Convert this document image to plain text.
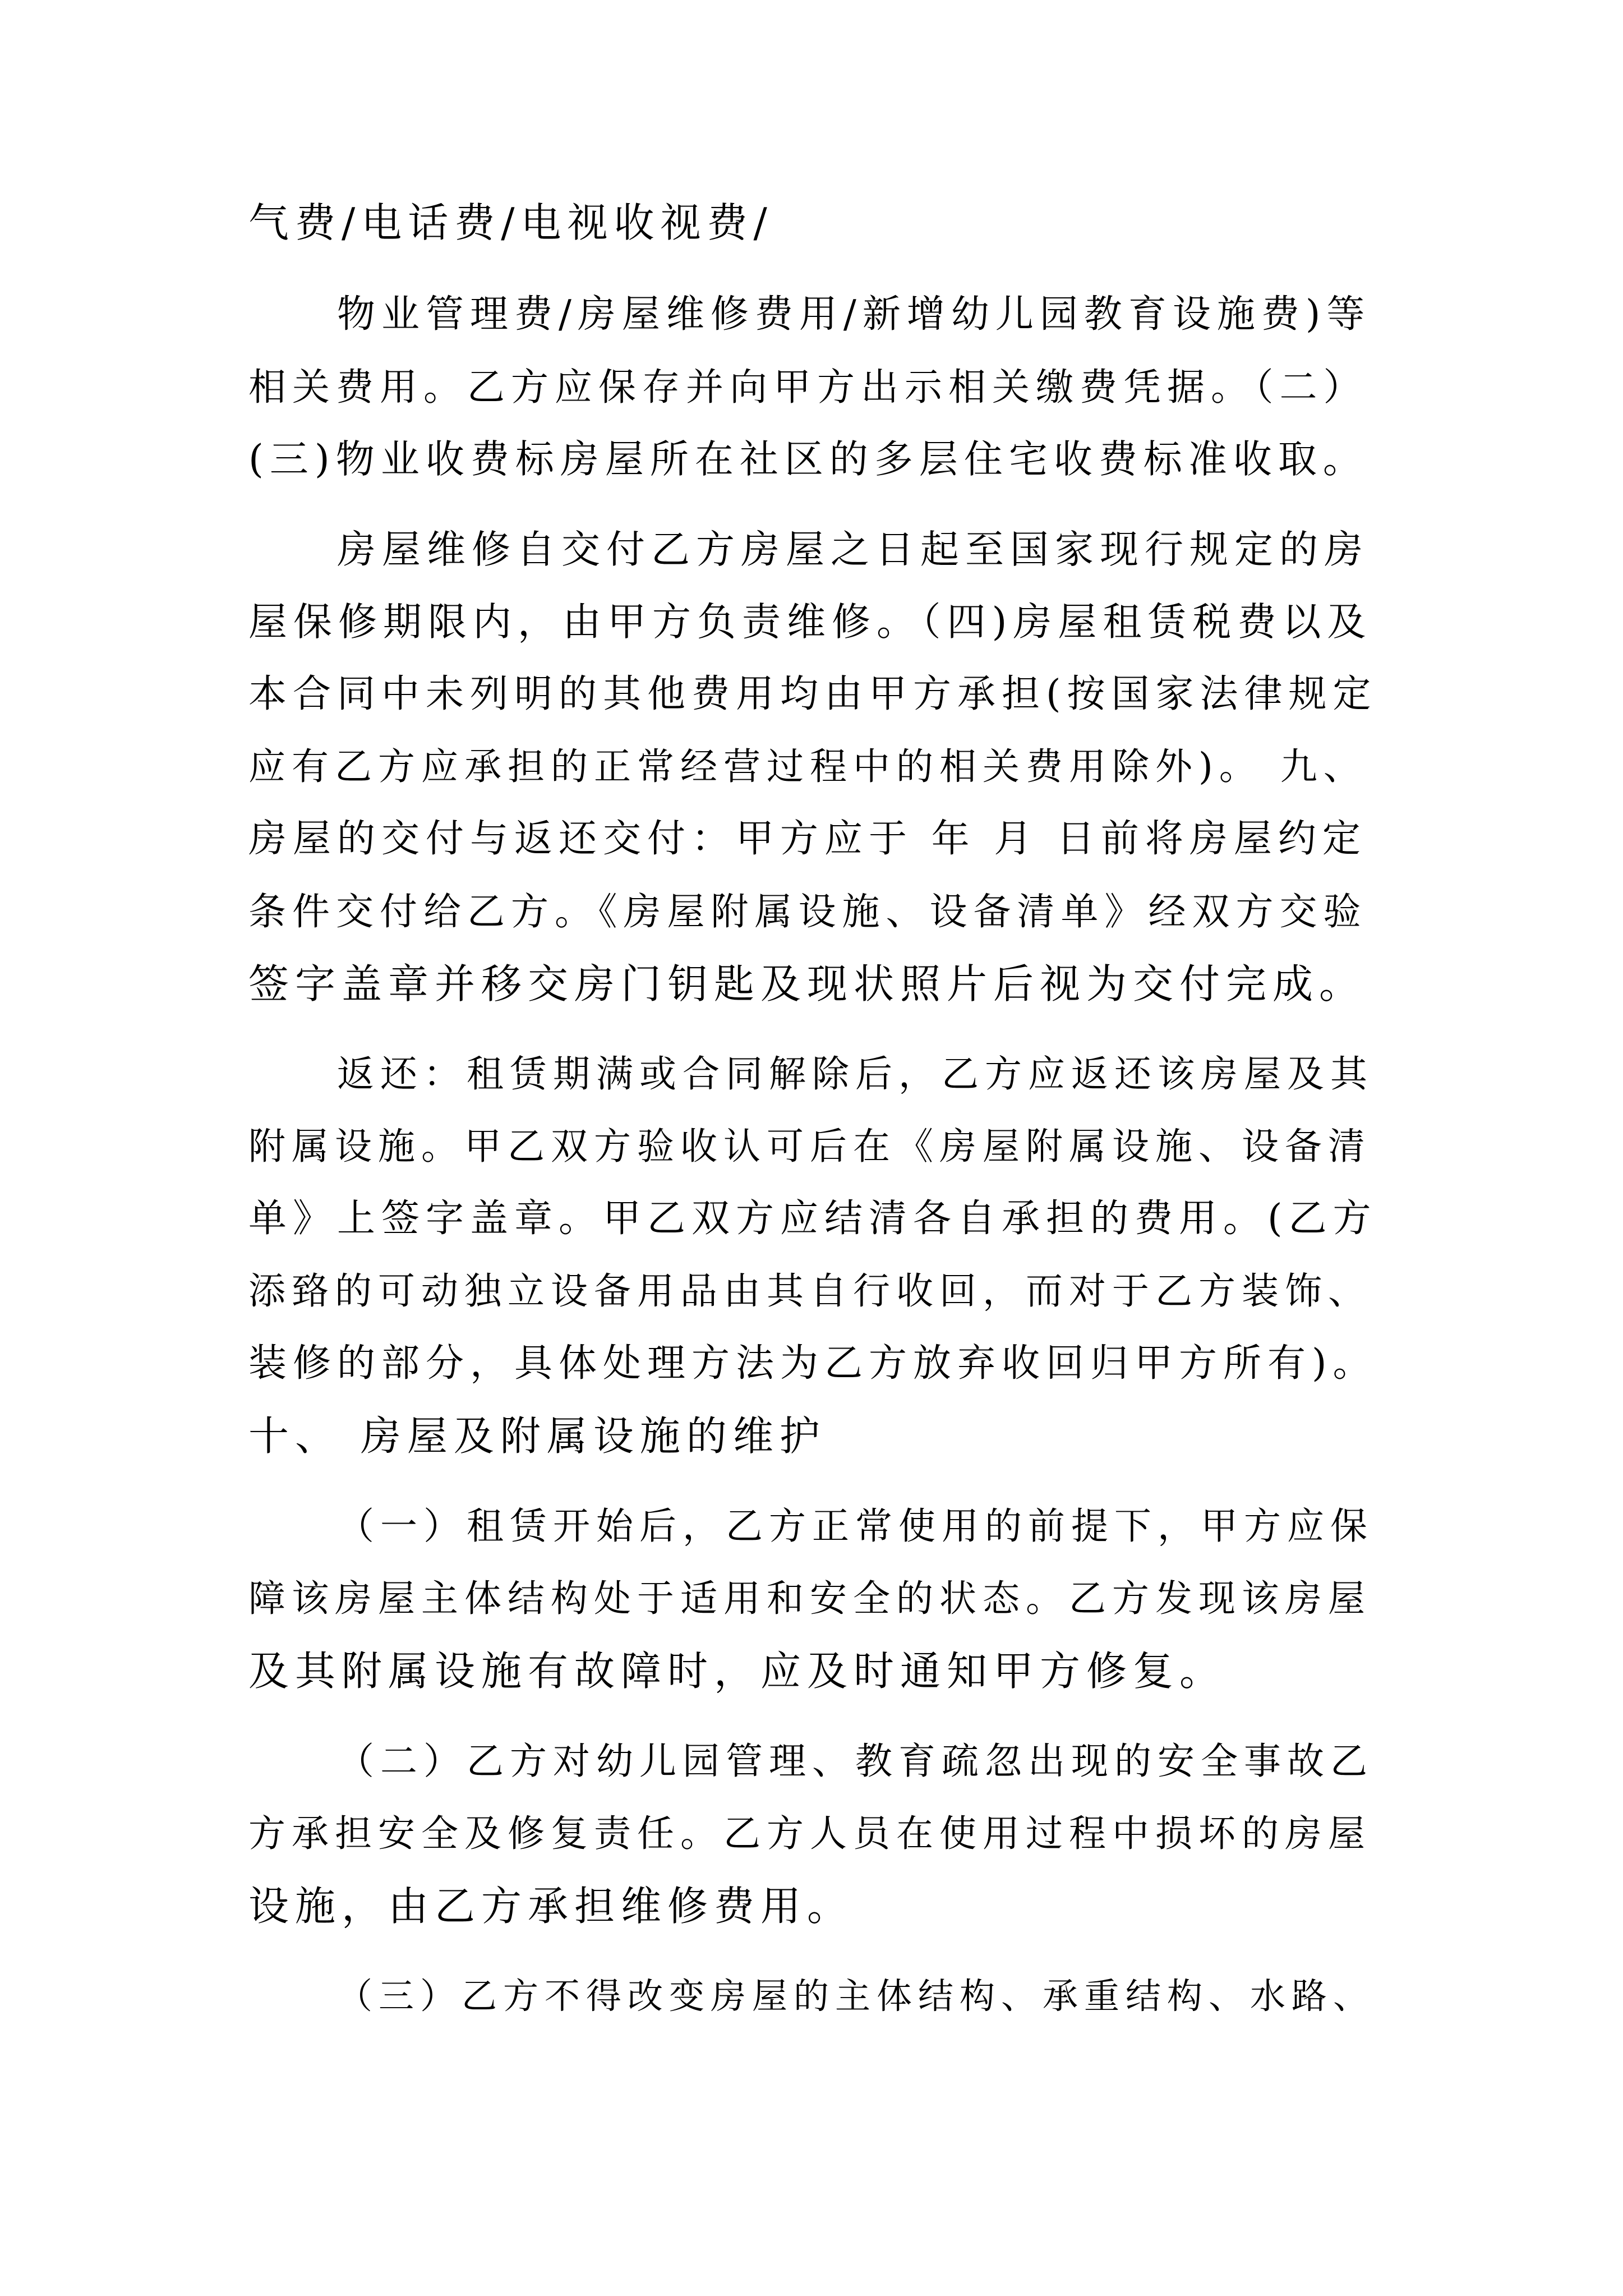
气费/电话费/电视收视费/
物业管理费/房屋维修费用/新增幼儿园教育设施费)等
相关费用。乙方应保存并向甲方出示相关缴费凭据。（二）
(三)物业收费标房屋所在社区的多层住宅收费标准收取。
房屋维修自交付乙方房屋之日起至国家现行规定的房
屋保修期限内，由甲方负责维修。（四)房屋租赁税费以及
本合同中未列明的其他费用均由甲方承担(按国家法律规定
应有乙方应承担的正常经营过程中的相关费用除外)。 九、
房屋的交付与返还交付：甲方应于 年 月 日前将房屋约定
条件交付给乙方。《房屋附属设施、设备清单》经双方交验
签字盖章并移交房门钥匙及现状照片后视为交付完成。
返还：租赁期满或合同解除后，乙方应返还该房屋及其
附属设施。甲乙双方验收认可后在《房屋附属设施、设备清
单》上签字盖章。甲乙双方应结清各自承担的费用。(乙方
添臵的可动独立设备用品由其自行收回，而对于乙方装饰、
装修的部分，具体处理方法为乙方放弃收回归甲方所有)。
十、 房屋及附属设施的维护
（一）租赁开始后，乙方正常使用的前提下，甲方应保
障该房屋主体结构处于适用和安全的状态。乙方发现该房屋
及其附属设施有故障时，应及时通知甲方修复。
（二）乙方对幼儿园管理、教育疏忽出现的安全事故乙
方承担安全及修复责任。乙方人员在使用过程中损坏的房屋
设施，由乙方承担维修费用。
（三）乙方不得改变房屋的主体结构、承重结构、水路、
